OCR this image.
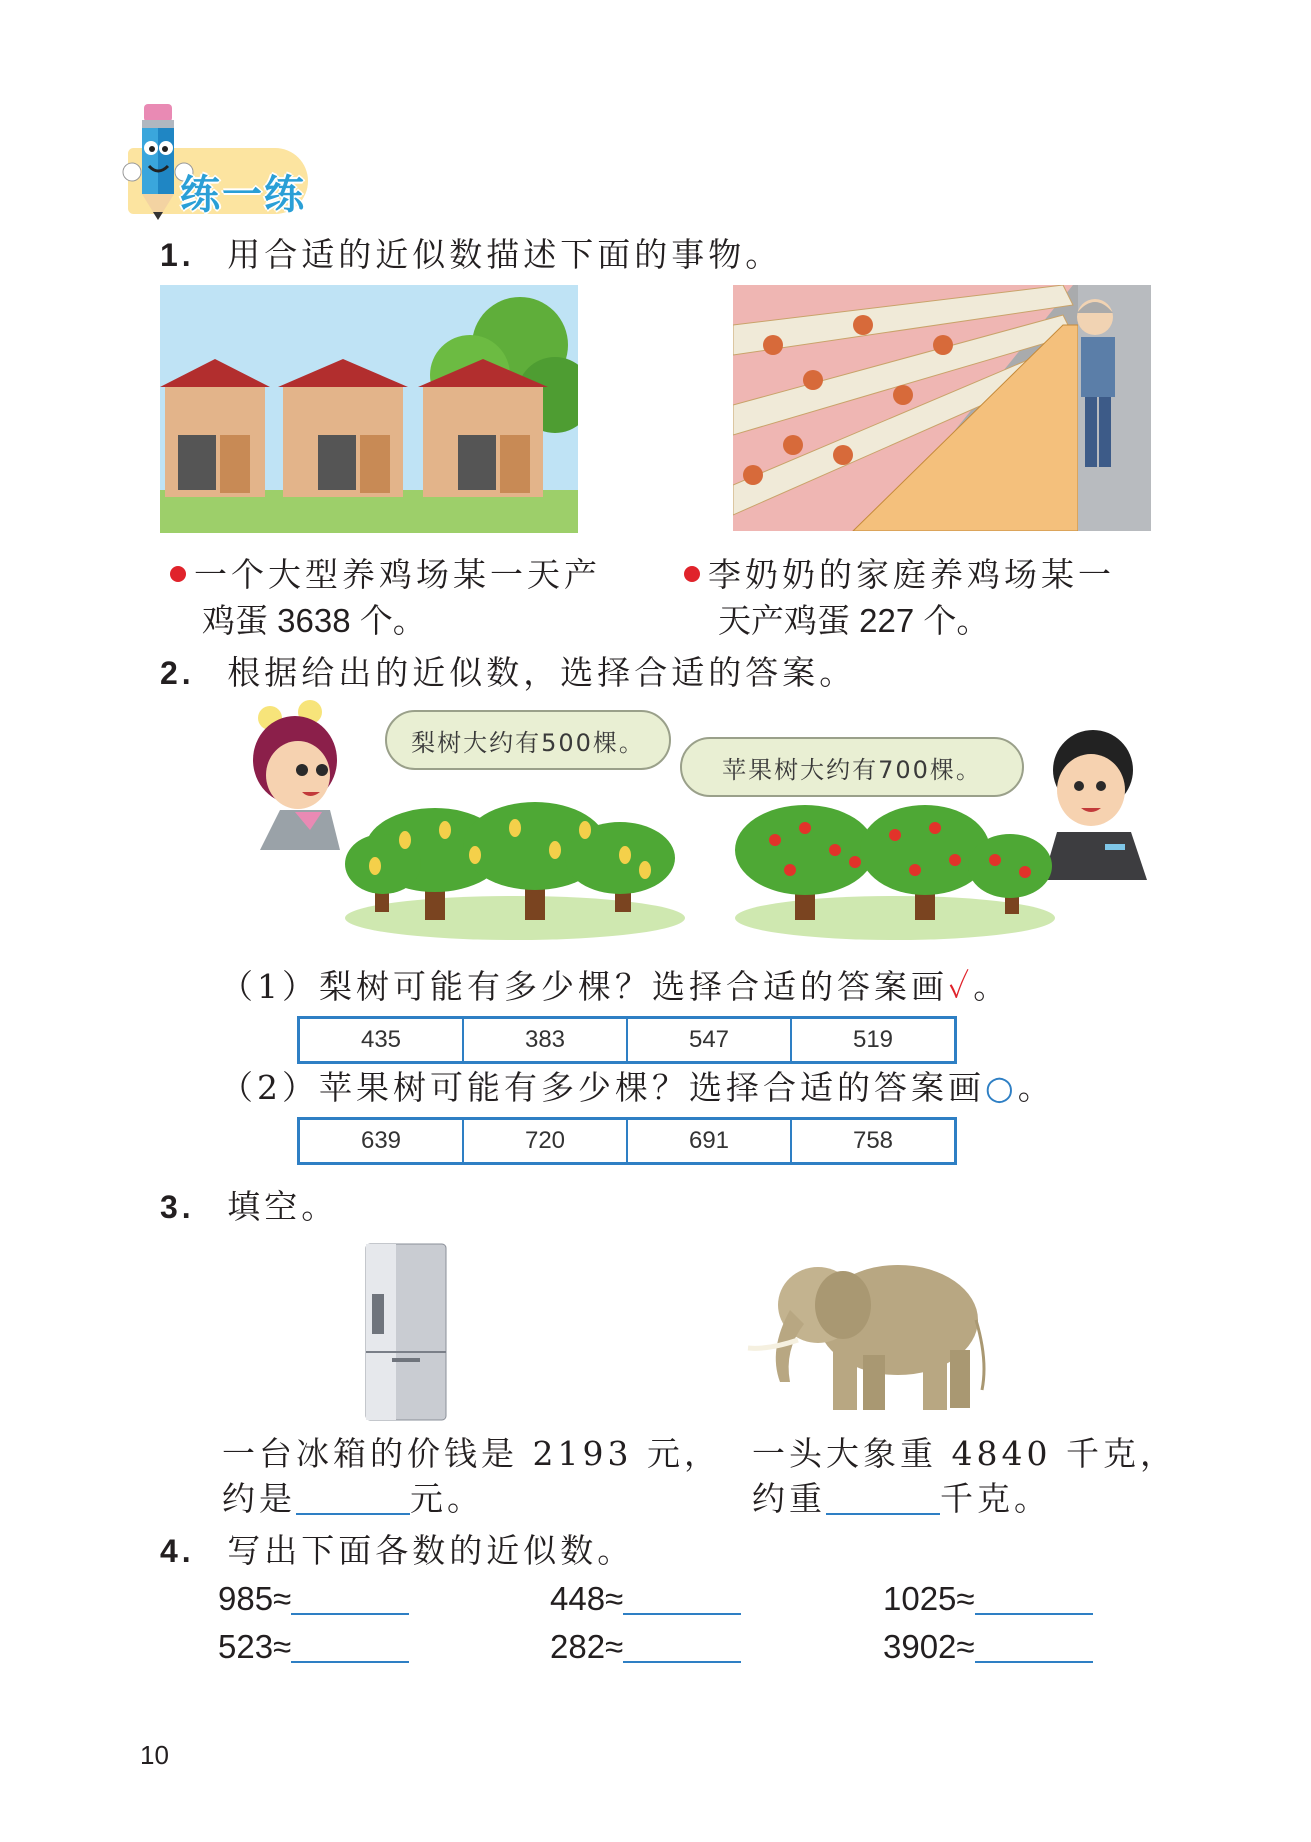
练一练
1. 用合适的近似数描述下面的事物。
一个大型养鸡场某一天产
鸡蛋 3638 个。
李奶奶的家庭养鸡场某一
天产鸡蛋 227 个。
2. 根据给出的近似数，选择合适的答案。
梨树大约有500棵。
苹果树大约有700棵。
（1）梨树可能有多少棵？选择合适的答案画✓。
435	383	547	519
（2）苹果树可能有多少棵？选择合适的答案画○。
639	720	691	758
3. 填空。
一台冰箱的价钱是 2193 元，
约是	元。
一头大象重 4840 千克，
约重	千克。
4. 写出下面各数的近似数。
985≈	448≈	1025≈
523≈	282≈	3902≈
10
